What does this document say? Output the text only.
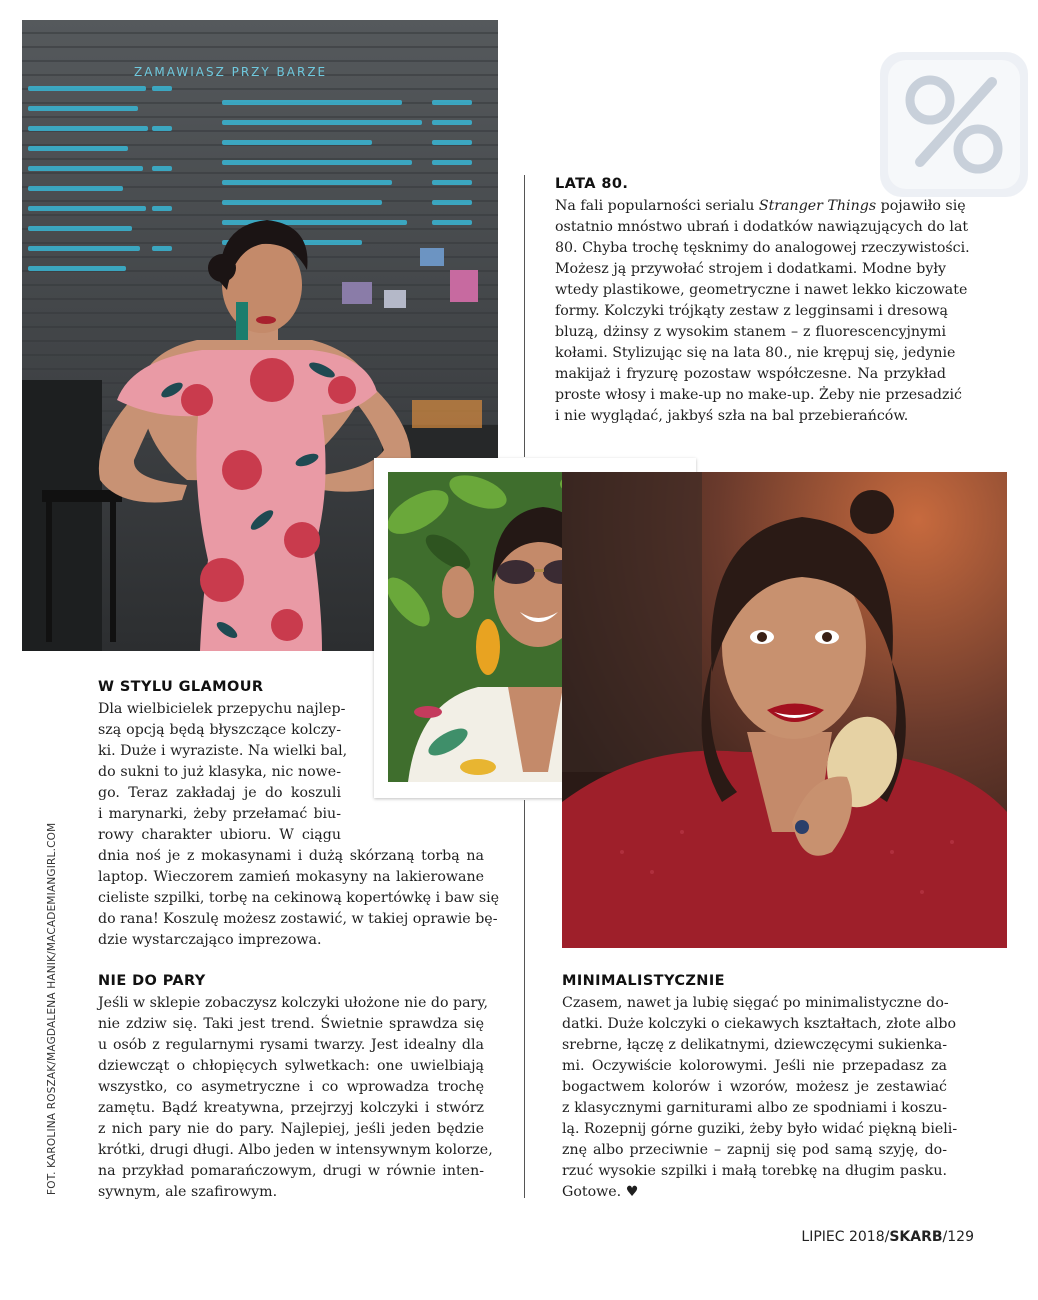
ZAMAWIASZ PRZY BARZE
LATA 80.
Na fali popularności serialu Stranger Things pojawiło się
ostatnio mnóstwo ubrań i dodatków nawiązujących do lat
80. Chyba trochę tęsknimy do analogowej rzeczywistości.
Możesz ją przywołać strojem i dodatkami. Modne były
wtedy plastikowe, geometryczne i nawet lekko kiczowate
formy. Kolczyki trójkąty zestaw z legginsami i dresową
bluzą, dżinsy z wysokim stanem – z fluorescencyjnymi
kołami. Stylizując się na lata 80., nie krępuj się, jedynie
makijaż i fryzurę pozostaw współczesne. Na przykład
proste włosy i make-up no make-up. Żeby nie przesadzić
i nie wyglądać, jakbyś szła na bal przebierańców.
W STYLU GLAMOUR
Dla wielbicielek przepychu najlep-
szą opcją będą błyszczące kolczy-
ki. Duże i wyraziste. Na wielki bal,
do sukni to już klasyka, nic nowe-
go. Teraz zakładaj je do koszuli
i marynarki, żeby przełamać biu-
rowy charakter ubioru. W ciągu
dnia noś je z mokasynami i dużą skórzaną torbą na
laptop. Wieczorem zamień mokasyny na lakierowane
cieliste szpilki, torbę na cekinową kopertówkę i baw się
do rana! Koszulę możesz zostawić, w takiej oprawie bę-
dzie wystarczająco imprezowa.
NIE DO PARY
Jeśli w sklepie zobaczysz kolczyki ułożone nie do pary,
nie zdziw się. Taki jest trend. Świetnie sprawdza się
u osób z regularnymi rysami twarzy. Jest idealny dla
dziewcząt o chłopięcych sylwetkach: one uwielbiają
wszystko, co asymetryczne i co wprowadza trochę
zamętu. Bądź kreatywna, przejrzyj kolczyki i stwórz
z nich pary nie do pary. Najlepiej, jeśli jeden będzie
krótki, drugi długi. Albo jeden w intensywnym kolorze,
na przykład pomarańczowym, drugi w równie inten-
sywnym, ale szafirowym.
MINIMALISTYCZNIE
Czasem, nawet ja lubię sięgać po minimalistyczne do-
datki. Duże kolczyki o ciekawych kształtach, złote albo
srebrne, łączę z delikatnymi, dziewczęcymi sukienka-
mi. Oczywiście kolorowymi. Jeśli nie przepadasz za
bogactwem kolorów i wzorów, możesz je zestawiać
z klasycznymi garniturami albo ze spodniami i koszu-
lą. Rozepnij górne guziki, żeby było widać piękną bieli-
znę albo przeciwnie – zapnij się pod samą szyję, do-
rzuć wysokie szpilki i małą torebkę na długim pasku.
Gotowe. ♥
FOT. KAROLINA ROSZAK/MAGDALENA HANIK/MACADEMIANGIRL.COM
LIPIEC 2018/SKARB/129
